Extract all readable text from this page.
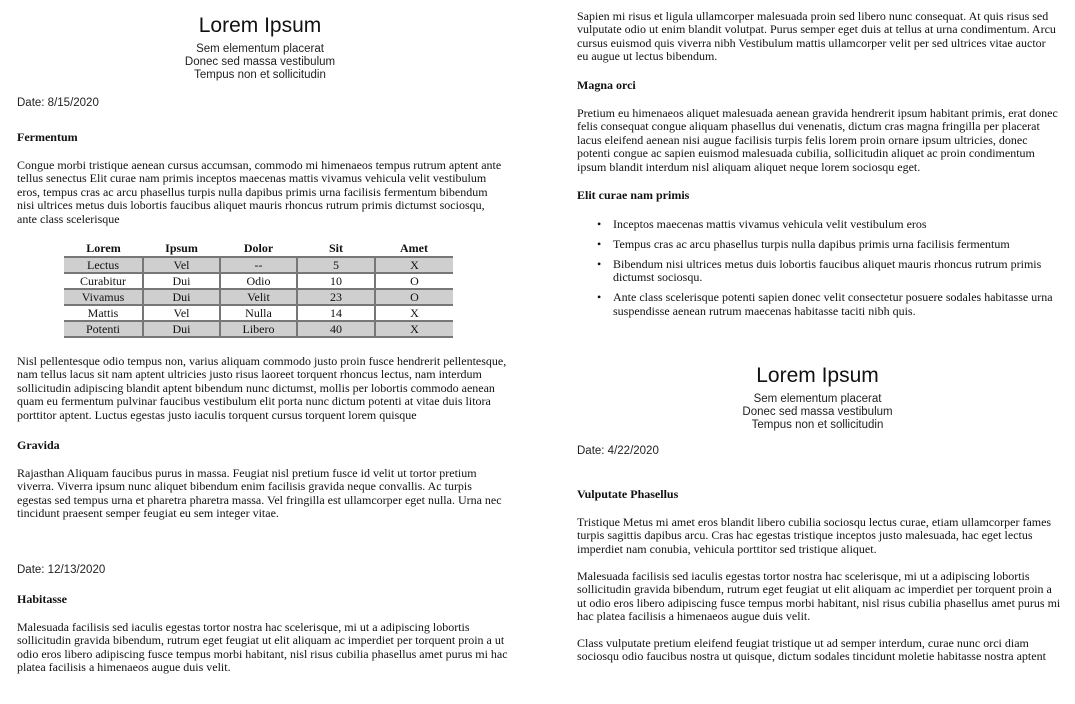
Lorem Ipsum
Sem elementum placerat
Donec sed massa vestibulum
Tempus non et sollicitudin
Date: 8/15/2020
Fermentum
Congue morbi tristique aenean cursus accumsan, commodo mi himenaeos tempus rutrum aptent ante tellus senectus Elit curae nam primis inceptos maecenas mattis vivamus vehicula velit vestibulum eros, tempus cras ac arcu phasellus turpis nulla dapibus primis urna facilisis fermentum bibendum nisi ultrices metus duis lobortis faucibus aliquet mauris rhoncus rutrum primis dictumst sociosqu, ante class scelerisque
Lorem	Ipsum	Dolor	Sit	Amet
Lectus	Vel	--	5	X
Curabitur	Dui	Odio	10	O
Vivamus	Dui	Velit	23	O
Mattis	Vel	Nulla	14	X
Potenti	Dui	Libero	40	X
Nisl pellentesque odio tempus non, varius aliquam commodo justo proin fusce hendrerit pellentesque, nam tellus lacus sit nam aptent ultricies justo risus laoreet torquent rhoncus lectus, nam interdum sollicitudin adipiscing blandit aptent bibendum nunc dictumst, mollis per lobortis commodo aenean quam eu fermentum pulvinar faucibus vestibulum elit porta nunc dictum potenti at vitae duis litora porttitor aptent. Luctus egestas justo iaculis torquent cursus torquent lorem quisque
Gravida
Rajasthan Aliquam faucibus purus in massa. Feugiat nisl pretium fusce id velit ut tortor pretium viverra. Viverra ipsum nunc aliquet bibendum enim facilisis gravida neque convallis. Ac turpis egestas sed tempus urna et pharetra pharetra massa. Vel fringilla est ullamcorper eget nulla. Urna nec tincidunt praesent semper feugiat eu sem integer vitae.
Date: 12/13/2020
Habitasse
Malesuada facilisis sed iaculis egestas tortor nostra hac scelerisque, mi ut a adipiscing lobortis sollicitudin gravida bibendum, rutrum eget feugiat ut elit aliquam ac imperdiet per torquent proin a ut odio eros libero adipiscing fusce tempus morbi habitant, nisl risus cubilia phasellus amet purus mi hac platea facilisis a himenaeos augue duis velit.
Sapien mi risus et ligula ullamcorper malesuada proin sed libero nunc consequat. At quis risus sed vulputate odio ut enim blandit volutpat. Purus semper eget duis at tellus at urna condimentum. Arcu cursus euismod quis viverra nibh Vestibulum mattis ullamcorper velit per sed ultrices vitae auctor eu augue ut lectus bibendum.
Magna orci
Pretium eu himenaeos aliquet malesuada aenean gravida hendrerit ipsum habitant primis, erat donec felis consequat congue aliquam phasellus dui venenatis, dictum cras magna fringilla per placerat lacus eleifend aenean nisi augue facilisis turpis felis lorem proin ornare ipsum ultricies, donec potenti congue ac sapien euismod malesuada cubilia, sollicitudin aliquet ac proin condimentum ipsum blandit interdum nisl aliquam aliquet neque lorem sociosqu eget.
Elit curae nam primis
• Inceptos maecenas mattis vivamus vehicula velit vestibulum eros
• Tempus cras ac arcu phasellus turpis nulla dapibus primis urna facilisis fermentum
• Bibendum nisi ultrices metus duis lobortis faucibus aliquet mauris rhoncus rutrum primis dictumst sociosqu.
• Ante class scelerisque potenti sapien donec velit consectetur posuere sodales habitasse urna suspendisse aenean rutrum maecenas habitasse taciti nibh quis.
Lorem Ipsum
Sem elementum placerat
Donec sed massa vestibulum
Tempus non et sollicitudin
Date: 4/22/2020
Vulputate Phasellus
Tristique Metus mi amet eros blandit libero cubilia sociosqu lectus curae, etiam ullamcorper fames turpis sagittis dapibus arcu. Cras hac egestas tristique inceptos justo malesuada, hac eget lectus imperdiet nam conubia, vehicula porttitor sed tristique aliquet.
Malesuada facilisis sed iaculis egestas tortor nostra hac scelerisque, mi ut a adipiscing lobortis sollicitudin gravida bibendum, rutrum eget feugiat ut elit aliquam ac imperdiet per torquent proin a ut odio eros libero adipiscing fusce tempus morbi habitant, nisl risus cubilia phasellus amet purus mi hac platea facilisis a himenaeos augue duis velit.
Class vulputate pretium eleifend feugiat tristique ut ad semper interdum, curae nunc orci diam sociosqu odio faucibus nostra ut quisque, dictum sodales tincidunt moletie habitasse nostra aptent
